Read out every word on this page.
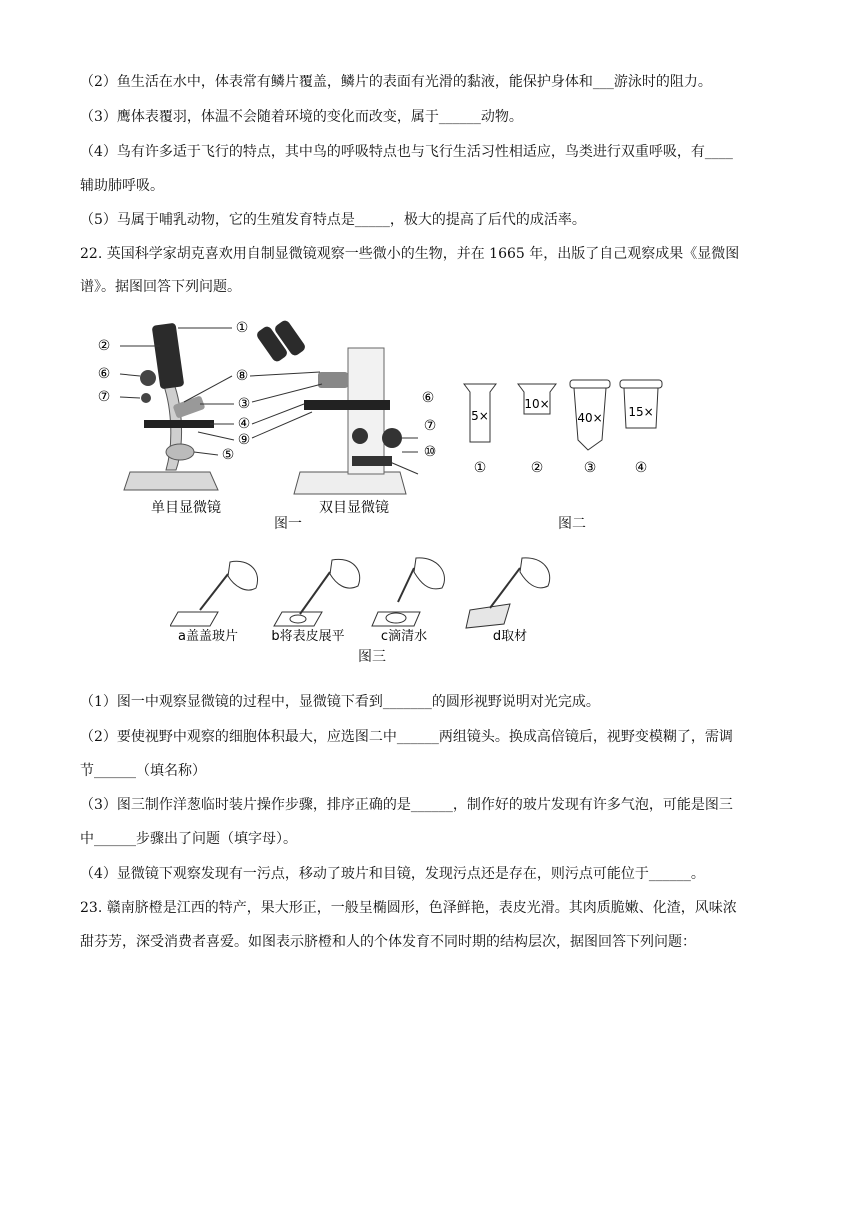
（2）鱼生活在水中，体表常有鳞片覆盖，鳞片的表面有光滑的黏液，能保护身体和___游泳时的阻力。
（3）鹰体表覆羽，体温不会随着环境的变化而改变，属于______动物。
（4）鸟有许多适于飞行的特点，其中鸟的呼吸特点也与飞行生活习性相适应，鸟类进行双重呼吸，有____
辅助肺呼吸。
（5）马属于哺乳动物，它的生殖发育特点是_____，极大的提高了后代的成活率。
22. 英国科学家胡克喜欢用自制显微镜观察一些微小的生物，并在 1665 年，出版了自己观察成果《显微图
谱》。据图回答下列问题。
②
⑥
⑦
①
⑧
③
④
⑨
⑤
⑥
⑦
⑩
单目显微镜	双目显微镜
5×
①
10×
②
40×
③
15×
④
图一	图二
a盖盖玻片	b将表皮展平	c滴清水	d取材
图三
（1）图一中观察显微镜的过程中，显微镜下看到_______的圆形视野说明对光完成。
（2）要使视野中观察的细胞体积最大，应选图二中______两组镜头。换成高倍镜后，视野变模糊了，需调
节______（填名称）
（3）图三制作洋葱临时装片操作步骤，排序正确的是______，制作好的玻片发现有许多气泡，可能是图三
中______步骤出了问题（填字母）。
（4）显微镜下观察发现有一污点，移动了玻片和目镜，发现污点还是存在，则污点可能位于______。
23. 赣南脐橙是江西的特产，果大形正，一般呈椭圆形，色泽鲜艳，表皮光滑。其肉质脆嫩、化渣，风味浓
甜芬芳，深受消费者喜爱。如图表示脐橙和人的个体发育不同时期的结构层次，据图回答下列问题：
